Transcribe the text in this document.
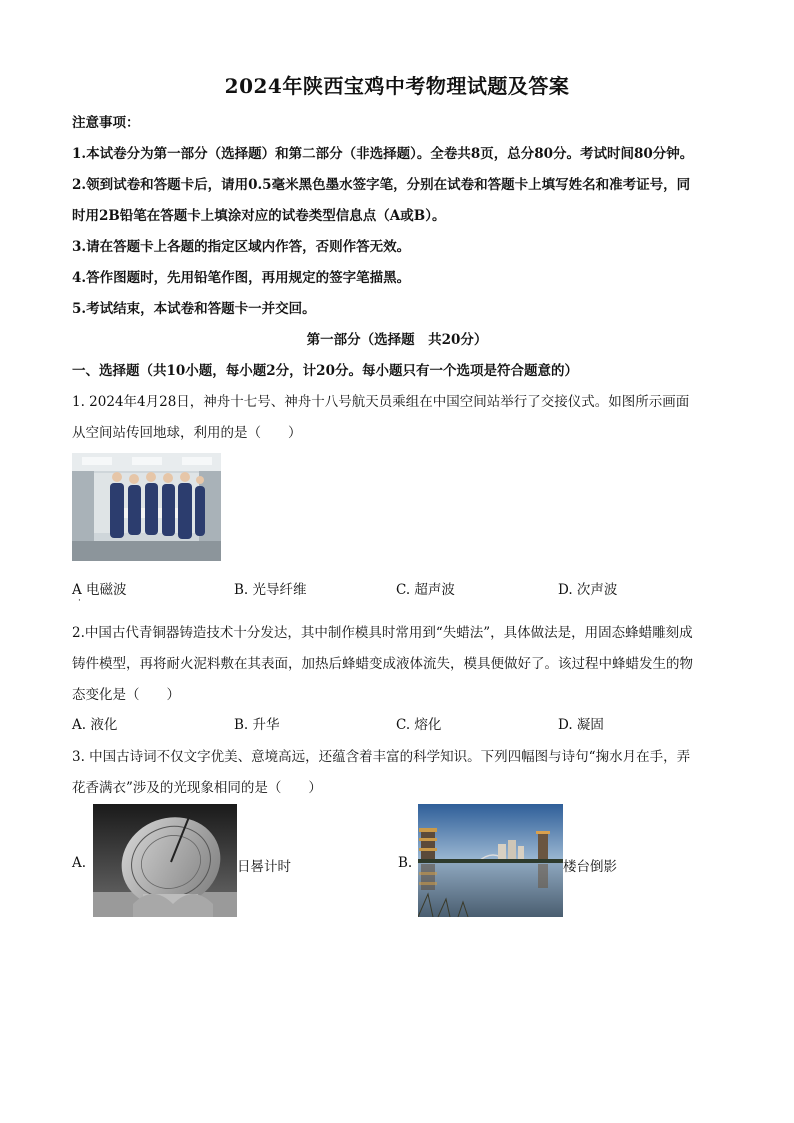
2024年陕西宝鸡中考物理试题及答案
注意事项：
1.本试卷分为第一部分（选择题）和第二部分（非选择题）。全卷共8页，总分80分。考试时间80分钟。
2.领到试卷和答题卡后，请用0.5毫米黑色墨水签字笔，分别在试卷和答题卡上填写姓名和准考证号，同
时用2B铅笔在答题卡上填涂对应的试卷类型信息点（A或B）。
3.请在答题卡上各题的指定区域内作答，否则作答无效。
4.答作图题时，先用铅笔作图，再用规定的签字笔描黑。
5.考试结束，本试卷和答题卡一并交回。
第一部分（选择题　共20分）
一、选择题（共10小题，每小题2分，计20分。每小题只有一个选项是符合题意的）
1. 2024年4月28日，神舟十七号、神舟十八号航天员乘组在中国空间站举行了交接仪式。如图所示画面
从空间站传回地球，利用的是（　　）
A 电磁波	B. 光导纤维	C. 超声波	D. 次声波
·
2.中国古代青铜器铸造技术十分发达，其中制作模具时常用到“失蜡法”，具体做法是，用固态蜂蜡雕刻成
铸件模型，再将耐火泥料敷在其表面，加热后蜂蜡变成液体流失，模具便做好了。该过程中蜂蜡发生的物
态变化是（　　）
A. 液化	B. 升华	C. 熔化	D. 凝固
3. 中国古诗词不仅文字优美、意境高远，还蕴含着丰富的科学知识。下列四幅图与诗句“掬水月在手，弄
花香满衣”涉及的光现象相同的是（　　）
A.	日晷计时	B.	楼台倒影
